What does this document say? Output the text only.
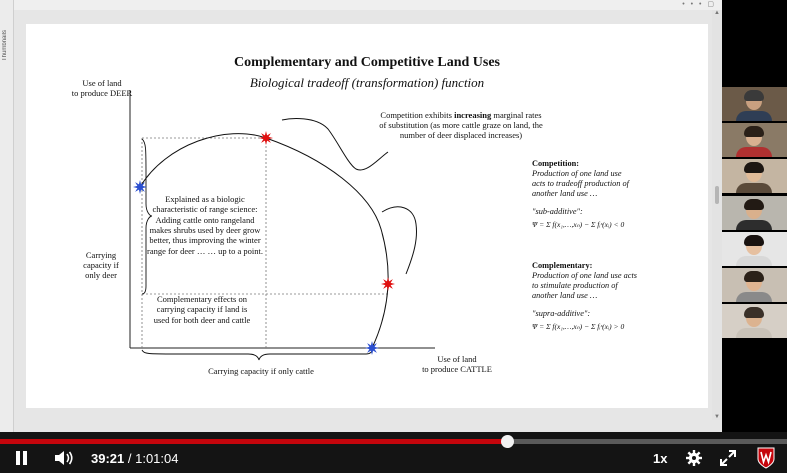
Thumbnails
• • • ▢
▲
▼
Complementary and Competitive Land Uses
Biological tradeoff (transformation) function
Use of land
to produce DEER
Use of land
to produce CATTLE
Carrying
capacity if
only deer
Carrying capacity if only cattle
Explained as a biologic characteristic of range science: Adding cattle onto rangeland makes shrubs used by deer grow better, thus improving the winter range for deer … … up to a point.
Complementary effects on carrying capacity if land is used for both deer and cattle
Competition exhibits increasing marginal rates of substitution (as more cattle graze on land, the number of deer displaced increases)
Competition:
Production of one land use acts to tradeoff production of another land use …
"sub-additive":
Ψ = Σ f(x₁,…,xₙ) − Σ fᵢˢ(xᵢ) < 0
Complementary:
Production of one land use acts to stimulate production of another land use …
"supra-additive":
Ψ = Σ f(x₁,…,xₙ) − Σ fᵢˢ(xᵢ) > 0
39:21 / 1:01:04	1x
